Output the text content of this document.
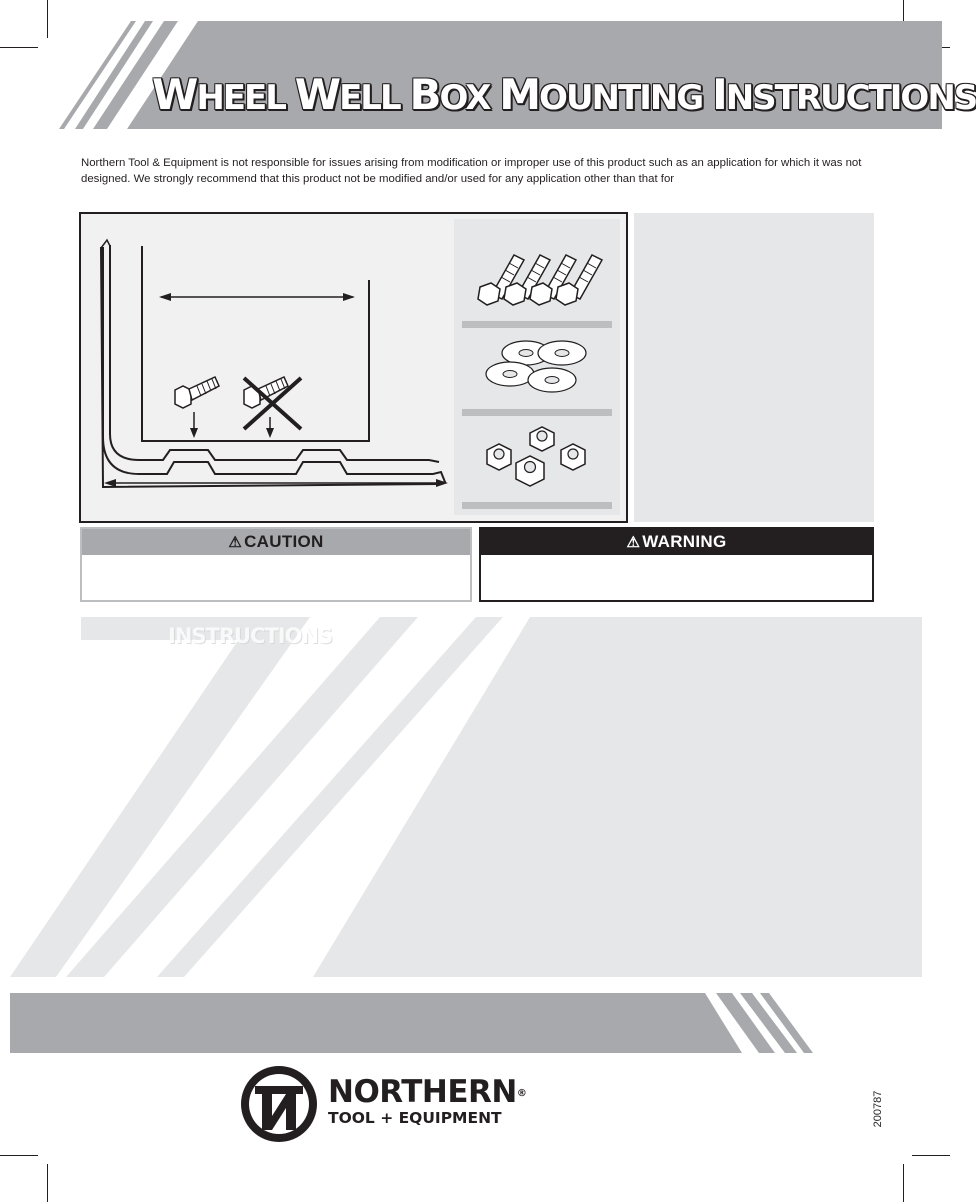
WHEEL WELL BOX MOUNTING INSTRUCTIONS
Northern Tool & Equipment is not responsible for issues arising from modification or improper use of this product such as an application for which it was not designed. We strongly recommend that this product not be modified and/or used for any application other than that for
⚠ CAUTION	⚠ WARNING
INSTRUCTIONS
NORTHERN®
TOOL + EQUIPMENT	200787
